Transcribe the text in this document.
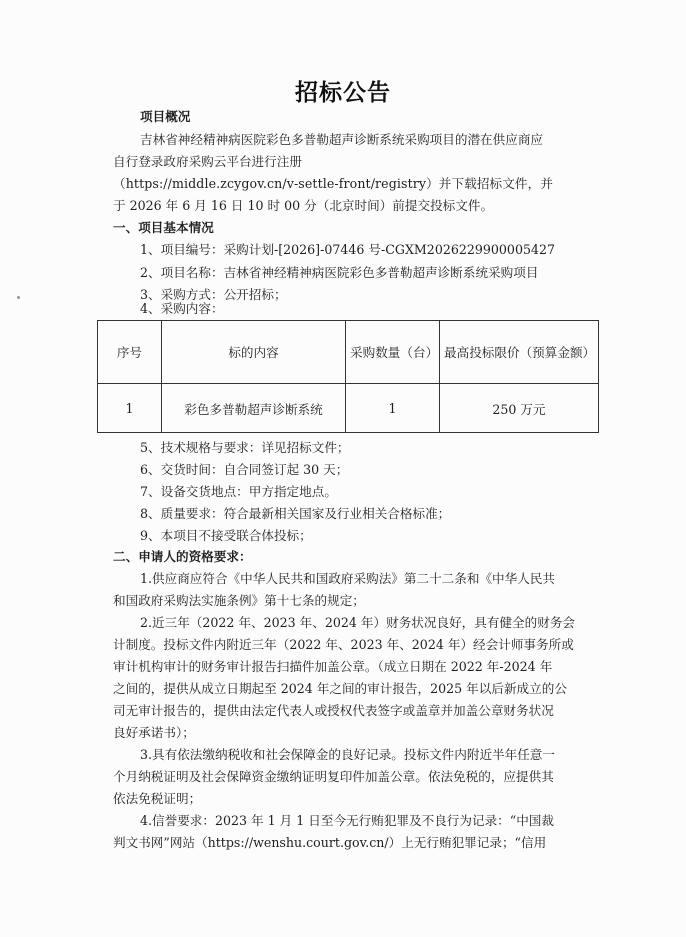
招标公告
项目概况
吉林省神经精神病医院彩色多普勒超声诊断系统采购项目的潜在供应商应
自行登录政府采购云平台进行注册
（https://middle.zcygov.cn/v-settle-front/registry）并下载招标文件，并
于 2026 年 6 月 16 日 10 时 00 分（北京时间）前提交投标文件。
一、项目基本情况
1、项目编号：采购计划-[2026]-07446 号-CGXM2026229900005427
2、项目名称：吉林省神经精神病医院彩色多普勒超声诊断系统采购项目
3、采购方式：公开招标；
4、采购内容：
序号	标的内容	采购数量（台）	最高投标限价（预算金额）
1	彩色多普勒超声诊断系统	1	250 万元
5、技术规格与要求：详见招标文件；
6、交货时间：自合同签订起 30 天；
7、设备交货地点：甲方指定地点。
8、质量要求：符合最新相关国家及行业相关合格标准；
9、本项目不接受联合体投标；
二、申请人的资格要求：
1.供应商应符合《中华人民共和国政府采购法》第二十二条和《中华人民共
和国政府采购法实施条例》第十七条的规定；
2.近三年（2022 年、2023 年、2024 年）财务状况良好，具有健全的财务会
计制度。投标文件内附近三年（2022 年、2023 年、2024 年）经会计师事务所或
审计机构审计的财务审计报告扫描件加盖公章。（成立日期在 2022 年-2024 年
之间的，提供从成立日期起至 2024 年之间的审计报告，2025 年以后新成立的公
司无审计报告的，提供由法定代表人或授权代表签字或盖章并加盖公章财务状况
良好承诺书）；
3.具有依法缴纳税收和社会保障金的良好记录。投标文件内附近半年任意一
个月纳税证明及社会保障资金缴纳证明复印件加盖公章。依法免税的，应提供其
依法免税证明；
4.信誉要求：2023 年 1 月 1 日至今无行贿犯罪及不良行为记录：“中国裁
判文书网”网站（https://wenshu.court.gov.cn/）上无行贿犯罪记录；“信用
